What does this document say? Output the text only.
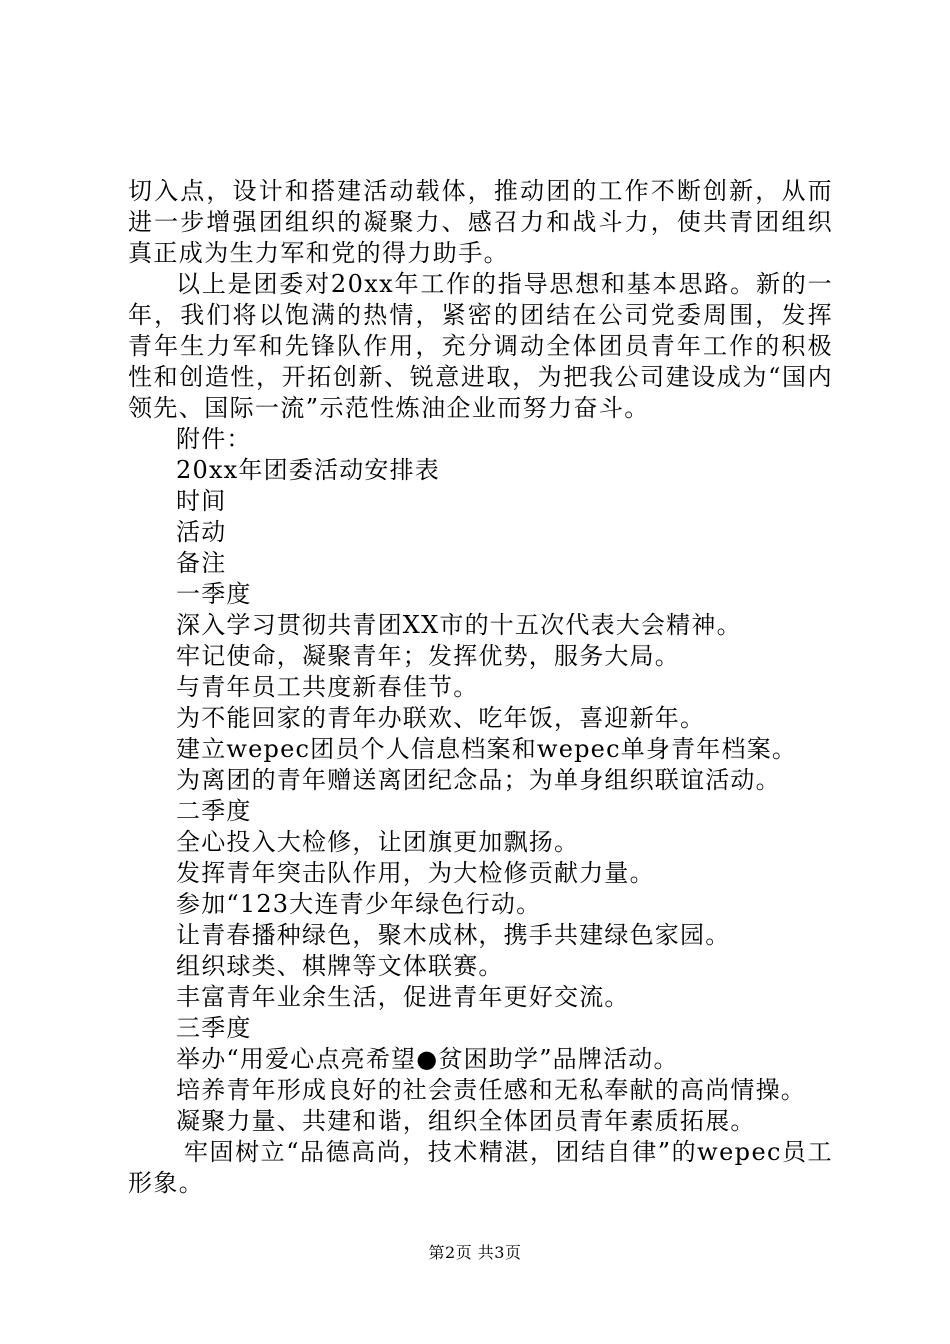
切入点，设计和搭建活动载体，推动团的工作不断创新，从而进一步增强团组织的凝聚力、感召力和战斗力，使共青团组织真正成为生力军和党的得力助手。

以上是团委对20xx年工作的指导思想和基本思路。新的一年，我们将以饱满的热情，紧密的团结在公司党委周围，发挥青年生力军和先锋队作用，充分调动全体团员青年工作的积极性和创造性，开拓创新、锐意进取，为把我公司建设成为“国内领先、国际一流”示范性炼油企业而努力奋斗。

附件：

20xx年团委活动安排表

时间

活动

备注

一季度

深入学习贯彻共青团XX市的十五次代表大会精神。

牢记使命，凝聚青年；发挥优势，服务大局。

与青年员工共度新春佳节。

为不能回家的青年办联欢、吃年饭，喜迎新年。

建立wepec团员个人信息档案和wepec单身青年档案。

为离团的青年赠送离团纪念品；为单身组织联谊活动。

二季度

全心投入大检修，让团旗更加飘扬。

发挥青年突击队作用，为大检修贡献力量。

参加“123大连青少年绿色行动。

让青春播种绿色，聚木成林，携手共建绿色家园。

组织球类、棋牌等文体联赛。

丰富青年业余生活，促进青年更好交流。

三季度

举办“用爱心点亮希望●贫困助学”品牌活动。

培养青年形成良好的社会责任感和无私奉献的高尚情操。

凝聚力量、共建和谐，组织全体团员青年素质拓展。

牢固树立“品德高尚，技术精湛，团结自律”的wepec员工形象。

第2页 共3页
